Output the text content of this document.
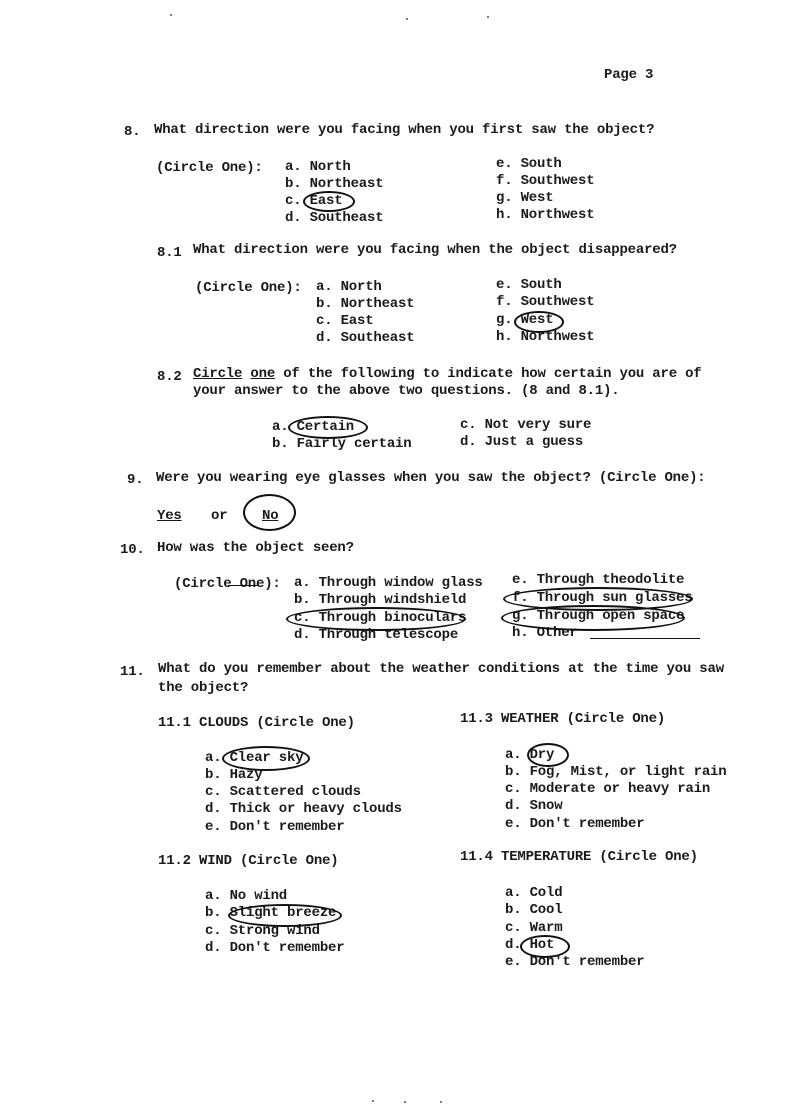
Page 3
8. What direction were you facing when you first saw the object?
(Circle One): a. North
b. Northeast
c. East
d. Southeast
e. South
f. Southwest
g. West
h. Northwest
8.1 What direction were you facing when the object disappeared?
(Circle One): a. North
b. Northeast
c. East
d. Southeast
e. South
f. Southwest
g. West
h. Northwest
8.2 Circle one of the following to indicate how certain you are of
your answer to the above two questions. (8 and 8.1).
a. Certain
b. Fairly certain
c. Not very sure
d. Just a guess
9. Were you wearing eye glasses when you saw the object? (Circle One):
Yes or No
10. How was the object seen?
(Circle One): a. Through window glass
b. Through windshield
c. Through binoculars
d. Through telescope
e. Through theodolite
f. Through sun glasses
g. Through open space
h. Other
11. What do you remember about the weather conditions at the time you saw
the object?
11.1 CLOUDS (Circle One)
a. Clear sky
b. Hazy
c. Scattered clouds
d. Thick or heavy clouds
e. Don't remember
11.3 WEATHER (Circle One)
a. Dry
b. Fog, Mist, or light rain
c. Moderate or heavy rain
d. Snow
e. Don't remember
11.2 WIND (Circle One)
a. No wind
b. Slight breeze
c. Strong wind
d. Don't remember
11.4 TEMPERATURE (Circle One)
a. Cold
b. Cool
c. Warm
d. Hot
e. Don't remember
